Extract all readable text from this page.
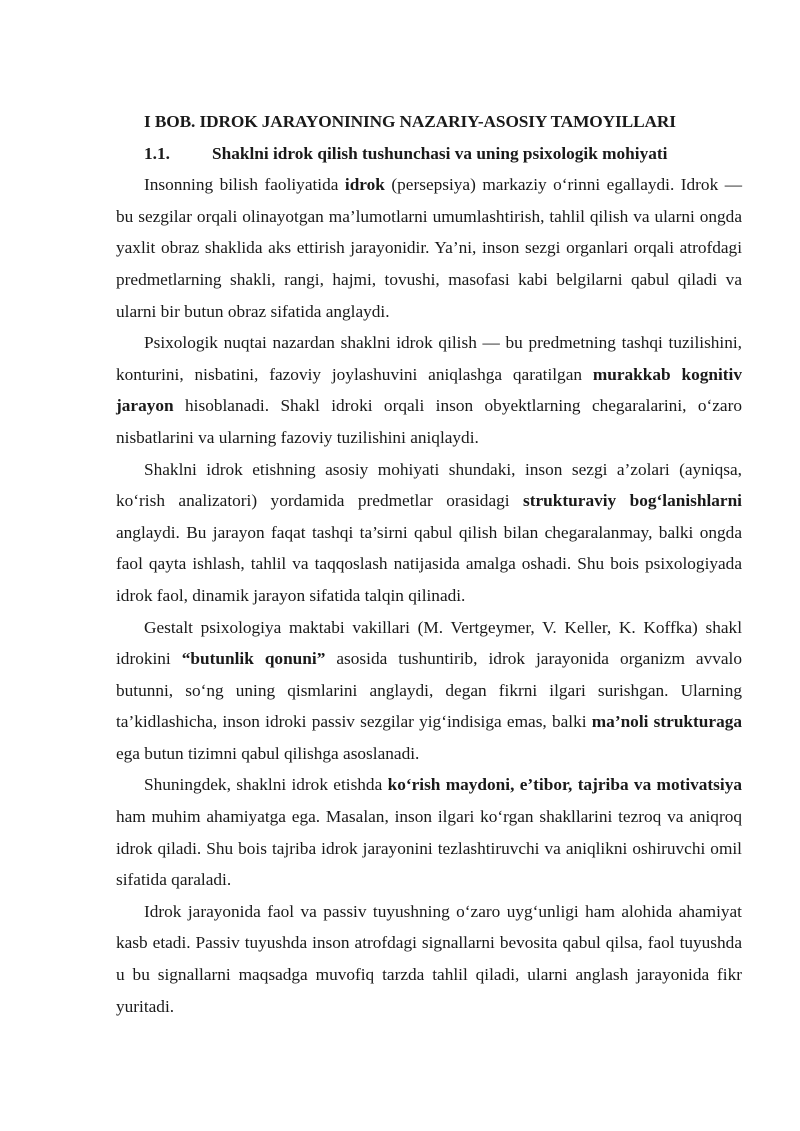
I BOB. IDROK JARAYONINING NAZARIY-ASOSIY TAMOYILLARI
1.1.	Shaklni idrok qilish tushunchasi va uning psixologik mohiyati

Insonning bilish faoliyatida idrok (persepsiya) markaziy o‘rinni egallaydi. Idrok — bu sezgilar orqali olinayotgan ma’lumotlarni umumlashtirish, tahlil qilish va ularni ongda yaxlit obraz shaklida aks ettirish jarayonidir. Ya’ni, inson sezgi organlari orqali atrofdagi predmetlarning shakli, rangi, hajmi, tovushi, masofasi kabi belgilarni qabul qiladi va ularni bir butun obraz sifatida anglaydi.

Psixologik nuqtai nazardan shaklni idrok qilish — bu predmetning tashqi tuzilishini, konturini, nisbatini, fazoviy joylashuvini aniqlashga qaratilgan murakkab kognitiv jarayon hisoblanadi. Shakl idroki orqali inson obyektlarning chegaralarini, o‘zaro nisbatlarini va ularning fazoviy tuzilishini aniqlaydi.

Shaklni idrok etishning asosiy mohiyati shundaki, inson sezgi a’zolari (ayniqsa, ko‘rish analizatori) yordamida predmetlar orasidagi strukturaviy bog‘lanishlarni anglaydi. Bu jarayon faqat tashqi ta’sirni qabul qilish bilan chegaralanmay, balki ongda faol qayta ishlash, tahlil va taqqoslash natijasida amalga oshadi. Shu bois psixologiyada idrok faol, dinamik jarayon sifatida talqin qilinadi.

Gestalt psixologiya maktabi vakillari (M. Vertgeymer, V. Keller, K. Koffka) shakl idrokini “butunlik qonuni” asosida tushuntirib, idrok jarayonida organizm avvalo butunni, so‘ng uning qismlarini anglaydi, degan fikrni ilgari surishgan. Ularning ta’kidlashicha, inson idroki passiv sezgilar yig‘indisiga emas, balki ma’noli strukturaga ega butun tizimni qabul qilishga asoslanadi.

Shuningdek, shaklni idrok etishda ko‘rish maydoni, e’tibor, tajriba va motivatsiya ham muhim ahamiyatga ega. Masalan, inson ilgari ko‘rgan shakllarini tezroq va aniqroq idrok qiladi. Shu bois tajriba idrok jarayonini tezlashtiruvchi va aniqlikni oshiruvchi omil sifatida qaraladi.

Idrok jarayonida faol va passiv tuyushning o‘zaro uyg‘unligi ham alohida ahamiyat kasb etadi. Passiv tuyushda inson atrofdagi signallarni bevosita qabul qilsa, faol tuyushda u bu signallarni maqsadga muvofiq tarzda tahlil qiladi, ularni anglash jarayonida fikr yuritadi.
